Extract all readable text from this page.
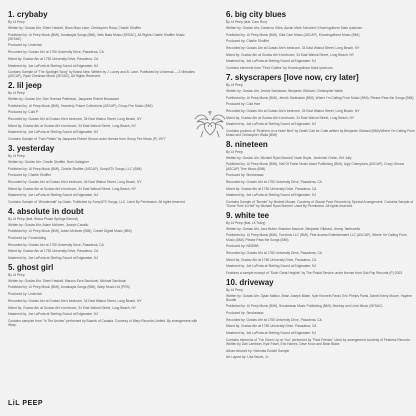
1. crybaby
By Lil Peep
Written by: Gustav Ahr, Sherri Haskell, Brian Marc Lane, Christopher Rosa, Charlie Shuffler
Published by: Lil Peep Music (BMI), Annakayla Songs (BMI), Nels Bass Music (SESAC), All Rights Charlie Shuffler Music (SESAC)
Produced by: Lederrick
Recorded by: Gustav Ahr at 1750 University Drive, Pasadena, CA
Mixed by: Gustav Ahr at 1750 University Drive, Pasadena, CA
Mastered by: Joe LaPorta at Sterling Sound at Edgewater, NJ
Contains Sample of "The Spotlight Song" by Brand New. Written by J. Lacey and B. Lane. Published by Universal — Z Melodies (ASCAP), Ryan Cheshaw Music (SESAC), All Rights Reserved.
2. lil jeep
By Lil Peep
Written by: Gustav Ahr, Dan Terence Patterson, Jacquees Robert Broussard
Published by: Lil Peep Music (BMI), Heavenly Future Collections (ASCAP), Group Fire Music (BMI)
Produced by: Cold P
Recorded by: Gustav Ahr at Gustav Ahr's bedroom, 34 East Walnut Street, Long Beach, NY
Mixed by: Gustav Ahr at Gustav Ahr's bedroom, 34 East Walnut Street, Long Beach, NY
Mastered by: Joe LaPorta at Sterling Sound at Edgewater, NJ
Contains Sample of "Twin Petals" by Jacquees Robert Stroud under license from Group Fire Music (P) 1977
3. yesterday
By Lil Peep
Written by: Gustav Ahr, Charlie Shuffler, Noel Gallagher
Published by: Lil Peep Music (BMI), Charlie Shuffler (ASCAP), Sony/ATV Songs, LLC (BMI)
Produced by: Charlie Shuffler
Recorded by: Gustav Ahr at Gustav Ahr's bedroom, 34 East Walnut Street, Long Beach, NY
Mixed by: Gustav Ahr at Gustav Ahr's bedroom, 34 East Walnut Street, Long Beach, NY
Mastered by: Joe LaPorta at Sterling Sound at Edgewater, NJ
Contains Sample of "Wonderwall" by Oasis. Published by Sony/ATV Songs, LLC. Used By Permission. All rights reserved
4. absolute in doubt
By Lil Peep (feat. Wicca Phase Springs Eternal)
Written by: Gustav Ahr, Adam McIlwee, Joseph Cavallo
Published by: Lil Peep Music (BMI), Adam McIlwee (BMI), Create Digital Music (BMI)
Produced by: Foxwedding
Recorded by: Gustav Ahr at 1750 University Drive, Pasadena, CA
Mixed by: Gustav Ahr at 1750 University Drive, Pasadena, CA
Mastered by: Joe LaPorta at Sterling Sound at Edgewater, NJ
5. ghost girl
By Lil Peep
Written by: Gustav Ahr, Sherri Haskell, Marcus Ezra Sandoval, Michael Sandoval
Published by: Lil Peep Music (BMI), Annakayla Songs (BMI), Warp Music Ltd (PRS)
Produced by: Lederrick
Recorded by: Gustav Ahr at Gustav Ahr's bedroom, 34 East Walnut Street, Long Beach, NY
Mixed by: Gustav Ahr at Gustav Ahr's bedroom, 34 East Walnut Street, Long Beach, NY
Mastered by: Joe LaPorta at Sterling Sound at Edgewater, NJ
Contains samples from "In The Arches" performed by Boards of Canada. Courtesy of Warp Records Limited. By arrangement with Warp.
6. big city blues
By Lil Peep (feat. Cam Ron)
Written by: Gustav Ahr, Cameron Giles, Austin Mark Schubert, Khomingothere Mark Ipseivum
Published by: Lil Peep Music (BMI), Killa Cam Music (ASCAP), Khomingothere Music (BMI)
Produced by: Charlie Shuffler
Recorded by: Gustav Ahr at Gustav Ahr's bedroom, 34 East Walnut Street, Long Beach, NY
Mixed by: Gustav Ahr at Gustav Ahr's bedroom, 34 East Walnut Street, Long Beach, NY
Mastered by: Joe LaPorta at Sterling Sound at Edgewater, NJ
Contains elements from "Tired Gullies" by Khomingothere Mark Ipseivum
7. skyscrapers [love now, cry later]
By Lil Peep
Written by: Gustav Ahr, Jerrick Sarkissian, Benjamin Gibbard, Christopher Walla
Published by: Lil Peep Music (BMI), Jerrick Sarkissian (BMI), Where I'm Calling From Music (BMI), Please Pass the Songs (BMI)
Produced by: Cold Hart
Recorded by: Gustav Ahr at Gustav Ahr's bedroom, 34 East Walnut Street, Long Beach, NY
Mixed by: Gustav Ahr at Gustav Ahr's bedroom, 34 East Walnut Street, Long Beach, NY
Mastered by: Joe LaPorta at Sterling Sound at Edgewater, NJ
Contains portions of "Brothers on a Hotel Bed" by Death Cab for Cutie written by Benjamin Gibbard (BMI)/Where I'm Calling From Music and Christopher Walla (BMI)
8. nineteen
By Lil Peep
Written by: Gustav Ahr, Michael Ryan Bonnell, Noah Boyle, Jemichah Green, Kirt Jolly
Published by: Lil Peep Music (BMI), Hall Of Fame Music Asset Publishing (BMI), Ugly Champions (ASCAP), Crazy Genius (ASCAP) Tree Music (BMI)
Produced by: Smokeasac
Recorded by: Gustav Ahr at 1750 University Drive, Pasadena, CA
Mixed by: Gustav Ahr at 1750 University Drive, Pasadena, CA
Mastered by: Joe LaPorta at Sterling Sound at Edgewater, NJ
Contains Sample of "Bonnie" by Modest Mouse. Courtesy of Glacial Pace Records by Special Arrangement. Contains Sample of "Some Time In Hell" by Michael Ryan Bonnell. Used By Permission. All rights reserved.
9. white tee
By Lil Peep (feat. Lil Tracy)
Written by: Gustav Ahr, Jazz Butler, Brandon Maclure, Benjamin Gibbard, Jimmy Tamborello
Published by: Lil Peep Music (BMI), Tonobnic LLC (BMI), First Access Entertainment LLC (ASCAP), Where I'm Calling From Music (BMI), Please Pass the Songs (BMI)
Produced by: NEDIBB
Recorded by: Gustav Ahr at 1750 University Drive, Pasadena, CA
Mixed by: Gustav Ahr at 1750 University Drive, Pasadena, CA
Mastered by: Joe LaPorta at Sterling Sound at Edgewater, NJ
Features a sample excerpt of "Such Great Heights" by The Postal Service under license from Sub Pop Records (P) 2003
10. driveway
By Lil Peep
Written by: Gustav Ahr, Dylan Mattox, Brian Joseph Blake, Kyle Kenneth Fasel, Eric Phelps Parisi, Daniel Keely Moore, Hayden Boodie
Published by: Lil Peep Music (BMI), Smokeasac Music Publishing (BMI), Monkey and Lime Music (SESAC)
Produced by: Smokeasac
Recorded by: Gustav Ahr at 1750 University Drive, Pasadena, CA
Mixed by: Gustav Ahr at 1750 University Drive, Pasadena, CA
Mastered by: Joe LaPorta at Sterling Sound at Edgewater, NJ
Contains elements of "I've Given Up on You" performed by "Real Friends" Used by arrangement courtesy of Fearless Records. Written by Dan Lambton, Kyle Fasel, Eric Haines, Dave Knox and Brian Blake
Album Artwork by: Nicholas Eusebi Sample
Art Layout by: Lisa Wuzin, Jr.
LiL PEEP
